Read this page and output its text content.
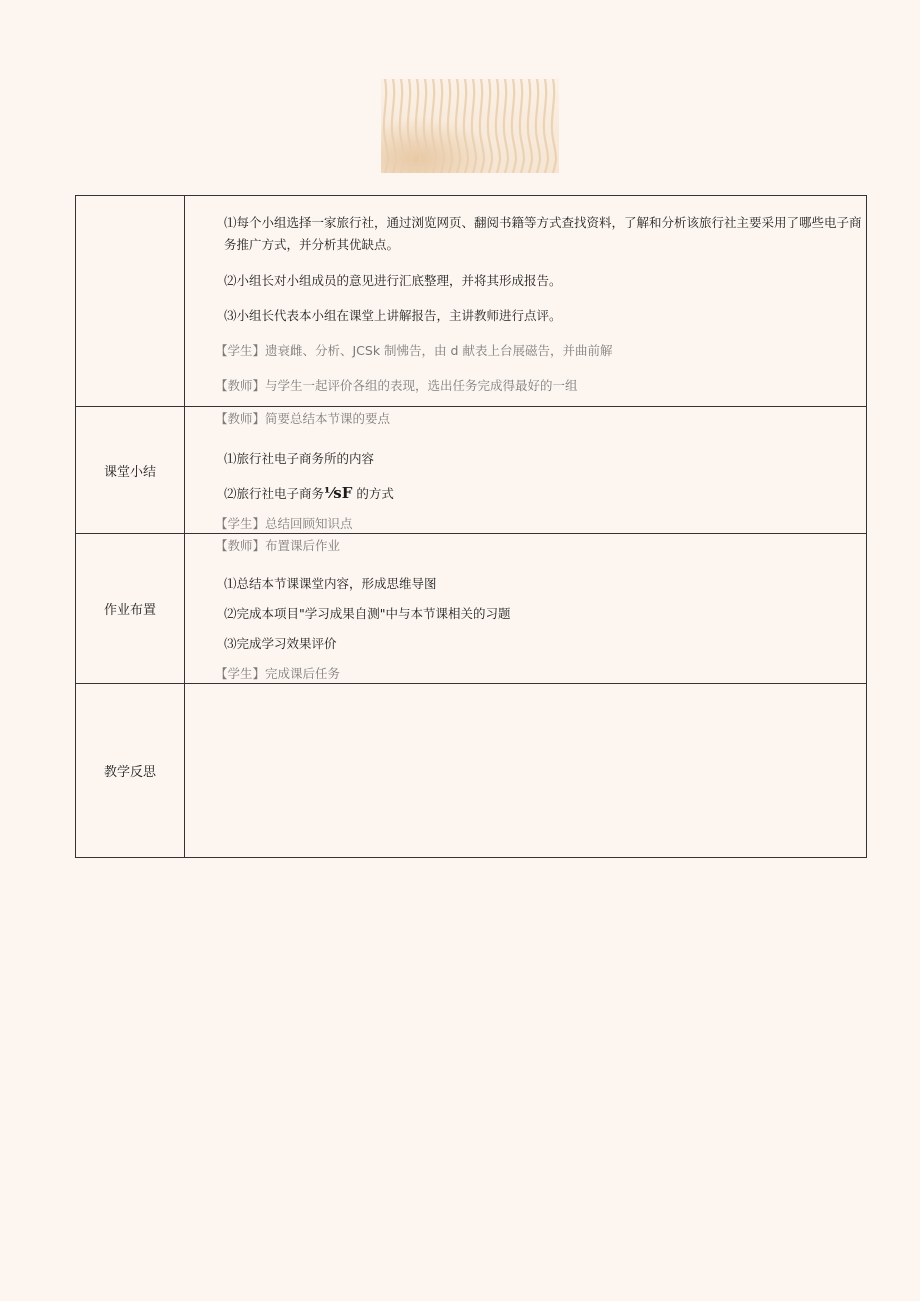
	⑴每个小组选择一家旅行社，通过浏览网页、翻阅书籍等方式查找资料，了解和分析该旅行社主要采用了哪些电子商务推广方式，并分析其优缺点。
⑵小组长对小组成员的意见进行汇底整理，并将其形成报告。
⑶小组长代表本小组在课堂上讲解报告，主讲教师进行点评。
【学生】遗衰雌、分析、JCSk 制怫告，由 d 献表上台展磁告，并曲前解
【教师】与学生一起评价各组的表现，选出任务完成得最好的一组

课堂小结	【教师】简要总结本节课的要点
⑴旅行社电子商务所的内容
⑵旅行社电子商务⅟sF 的方式
【学生】总结回顾知识点

作业布置	【教师】布置课后作业
⑴总结本节课课堂内容，形成思维导图
⑵完成本项目"学习成果自测"中与本节课相关的习题
⑶完成学习效果评价
【学生】完成课后任务

教学反思	
